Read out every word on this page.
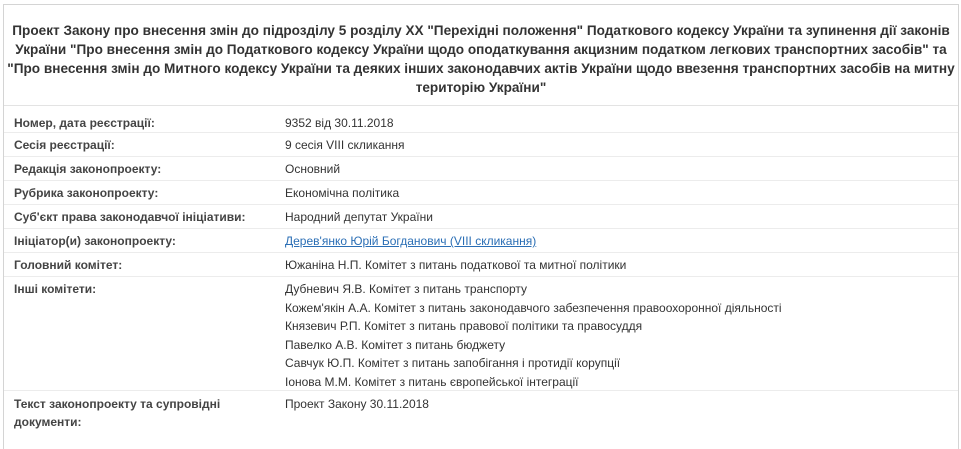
Проект Закону про внесення змін до підрозділу 5 розділу ХХ "Перехідні положення" Податкового кодексу України та зупинення дії законів України "Про внесення змін до Податкового кодексу України щодо оподаткування акцизним податком легкових транспортних засобів" та "Про внесення змін до Митного кодексу України та деяких інших законодавчих актів України щодо ввезення транспортних засобів на митну територію України"

Номер, дата реєстрації:	9352 від 30.11.2018
Сесія реєстрації:	9 сесія VIII скликання
Редакція законопроекту:	Основний
Рубрика законопроекту:	Економічна політика
Суб'єкт права законодавчої ініціативи:	Народний депутат України
Ініціатор(и) законопроекту:	Дерев'янко Юрій Богданович (VIII скликання)
Головний комітет:	Южаніна Н.П. Комітет з питань податкової та митної політики
Інші комітети:	Дубневич Я.В. Комітет з питань транспорту
Кожем'якін А.А. Комітет з питань законодавчого забезпечення правоохоронної діяльності
Князевич Р.П. Комітет з питань правової політики та правосуддя
Павелко А.В. Комітет з питань бюджету
Савчук Ю.П. Комітет з питань запобігання і протидії корупції
Іонова М.М. Комітет з питань європейської інтеграції
Текст законопроекту та супровідні
документи:
Проект Закону 30.11.2018
